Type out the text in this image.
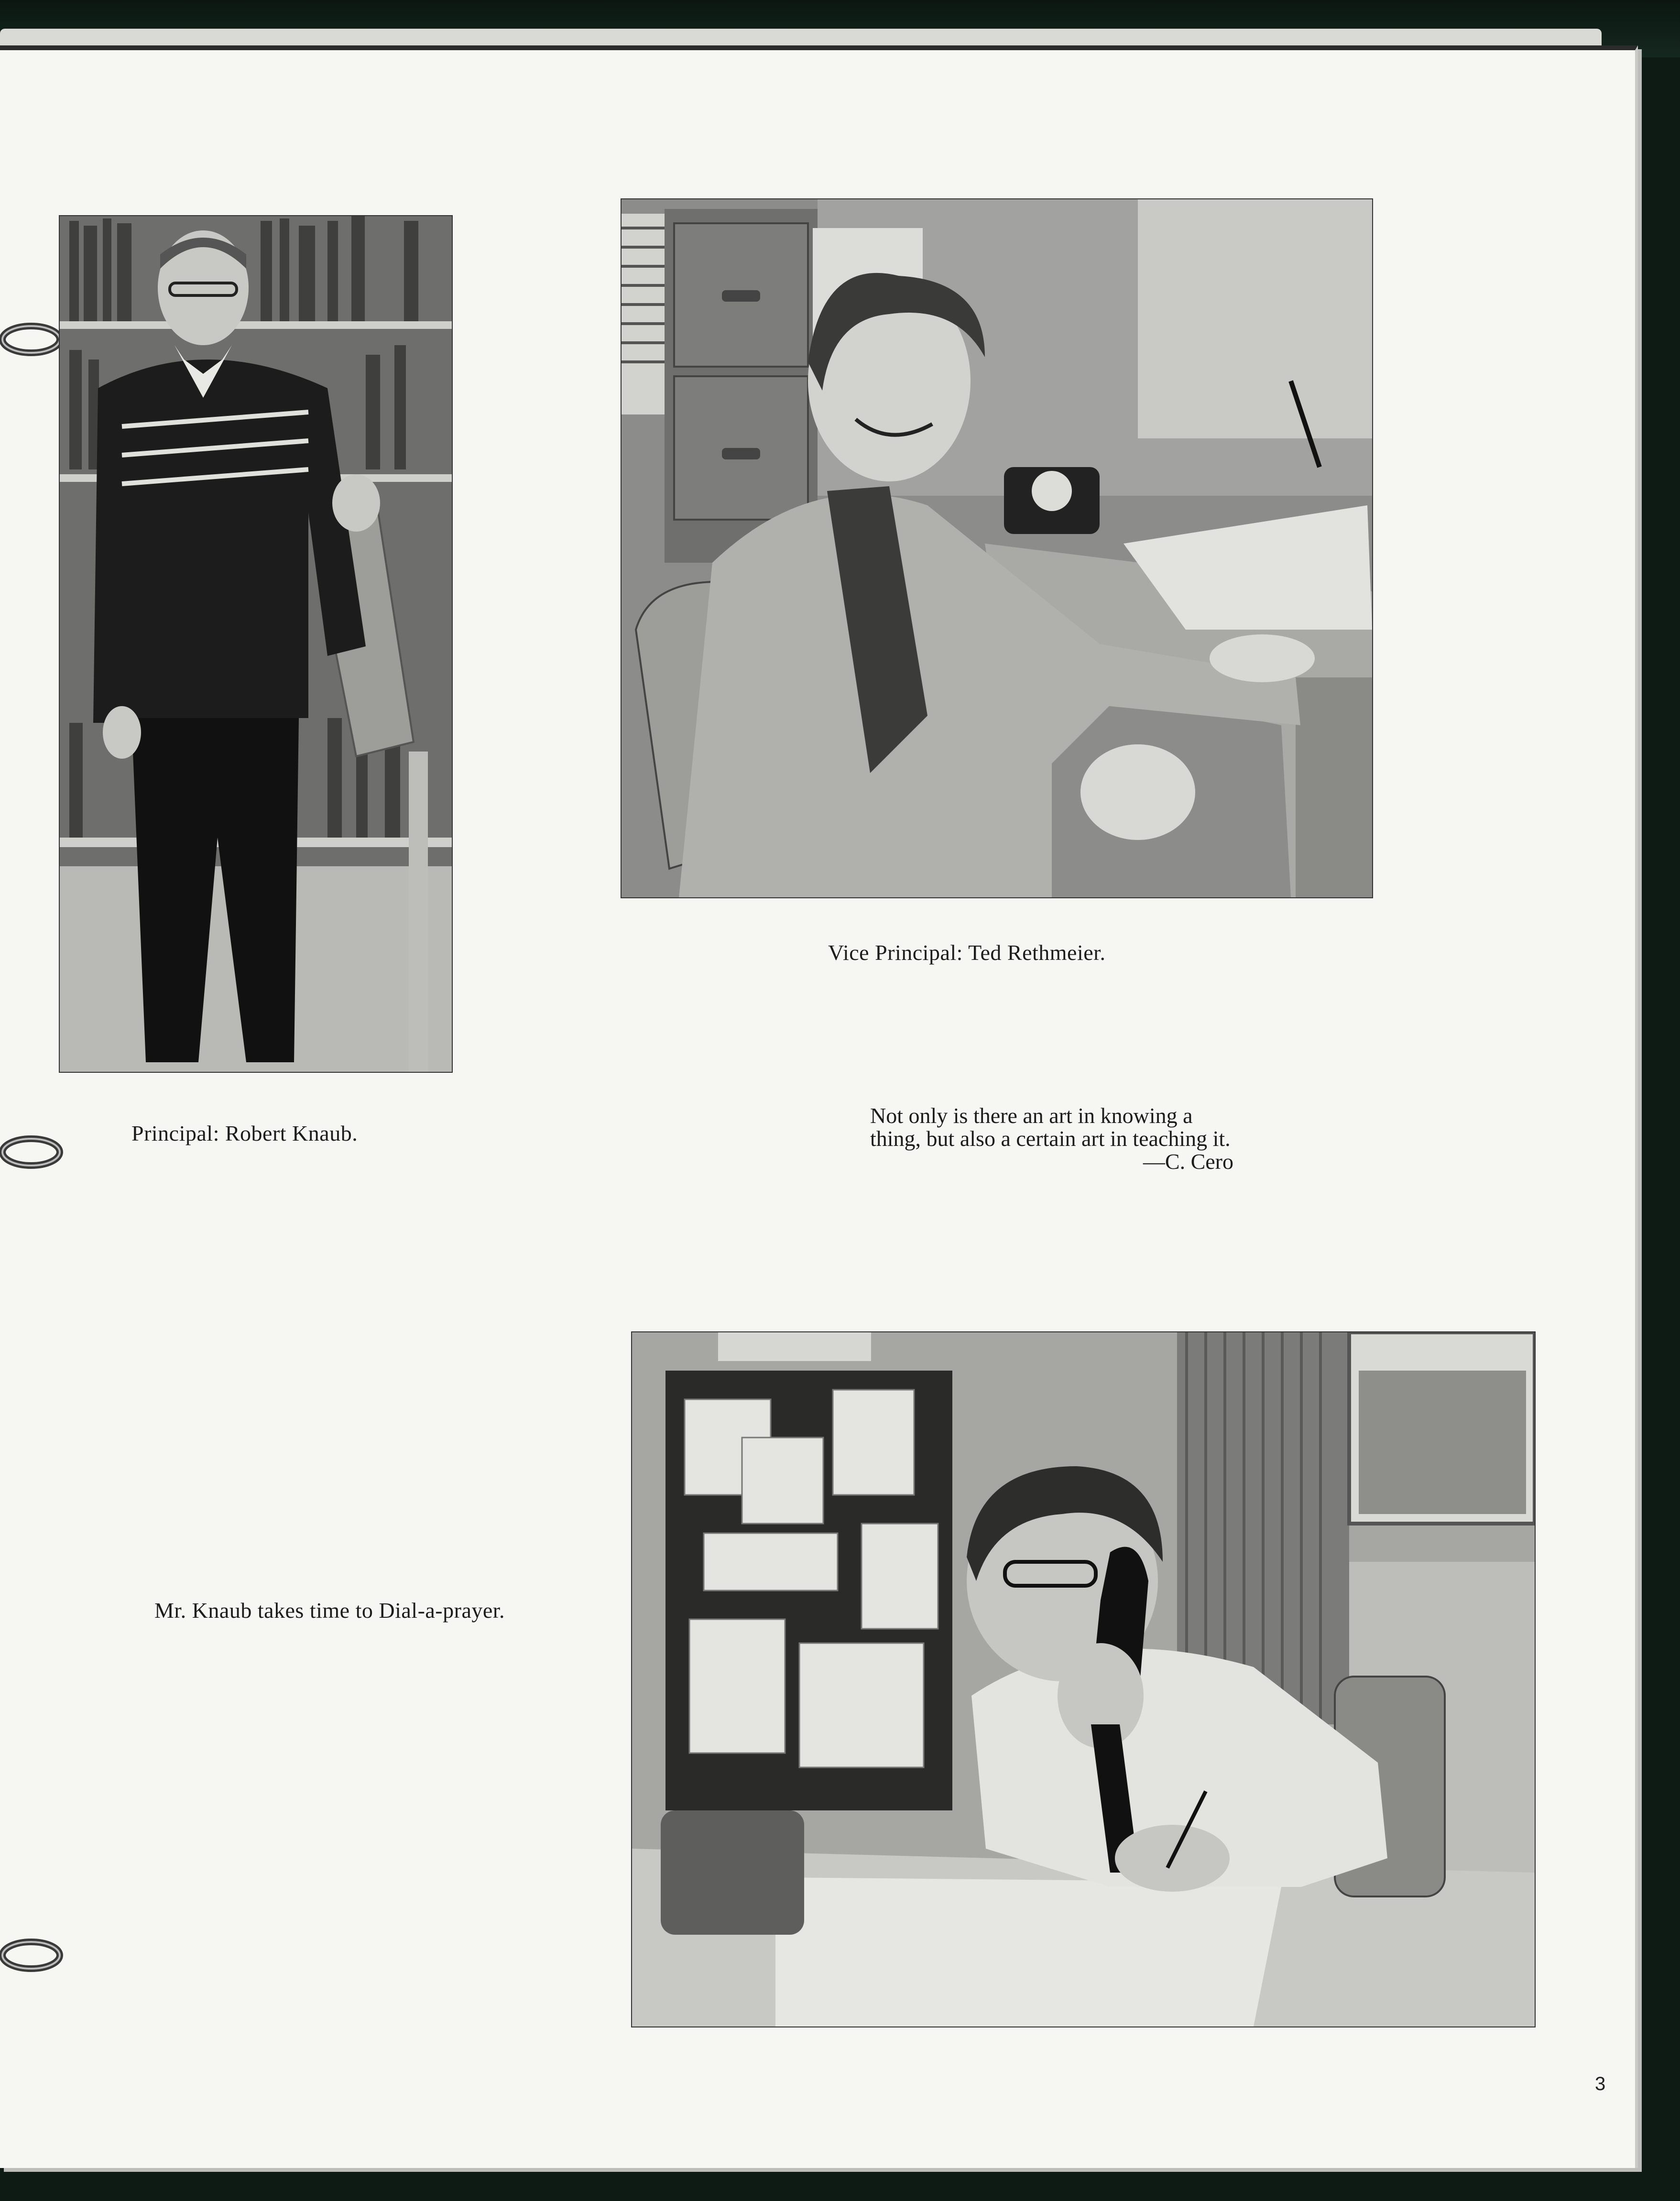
Principal: Robert Knaub.
Vice Principal: Ted Rethmeier.
Mr. Knaub takes time to Dial-a-prayer.
Not only is there an art in knowing a thing, but also a certain art in teaching it.
—C. Cero
3
